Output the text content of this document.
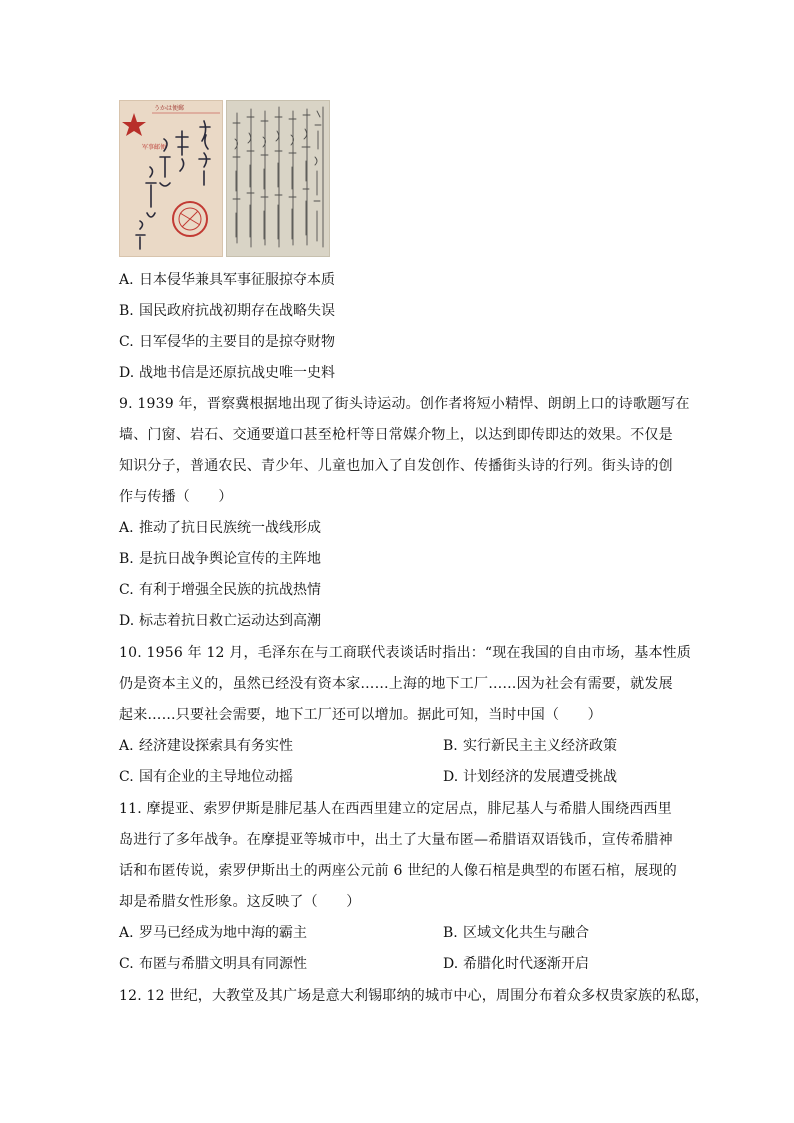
军事邮便
うかは便郵
A. 日本侵华兼具军事征服掠夺本质
B. 国民政府抗战初期存在战略失误
C. 日军侵华的主要目的是掠夺财物
D. 战地书信是还原抗战史唯一史料
9. 1939 年，晋察冀根据地出现了街头诗运动。创作者将短小精悍、朗朗上口的诗歌题写在
墙、门窗、岩石、交通要道口甚至枪杆等日常媒介物上，以达到即传即达的效果。不仅是
知识分子，普通农民、青少年、儿童也加入了自发创作、传播街头诗的行列。街头诗的创
作与传播（　　）
A. 推动了抗日民族统一战线形成
B. 是抗日战争舆论宣传的主阵地
C. 有利于增强全民族的抗战热情
D. 标志着抗日救亡运动达到高潮
10. 1956 年 12 月，毛泽东在与工商联代表谈话时指出：“现在我国的自由市场，基本性质
仍是资本主义的，虽然已经没有资本家……上海的地下工厂……因为社会有需要，就发展
起来……只要社会需要，地下工厂还可以增加。据此可知，当时中国（　　）
A. 经济建设探索具有务实性	B. 实行新民主主义经济政策
C. 国有企业的主导地位动摇	D. 计划经济的发展遭受挑战
11. 摩提亚、索罗伊斯是腓尼基人在西西里建立的定居点，腓尼基人与希腊人围绕西西里
岛进行了多年战争。在摩提亚等城市中，出土了大量布匿—希腊语双语钱币，宣传希腊神
话和布匿传说，索罗伊斯出土的两座公元前 6 世纪的人像石棺是典型的布匿石棺，展现的
却是希腊女性形象。这反映了（　　）
A. 罗马已经成为地中海的霸主	B. 区域文化共生与融合
C. 布匿与希腊文明具有同源性	D. 希腊化时代逐渐开启
12. 12 世纪，大教堂及其广场是意大利锡耶纳的城市中心，周围分布着众多权贵家族的私邸，
